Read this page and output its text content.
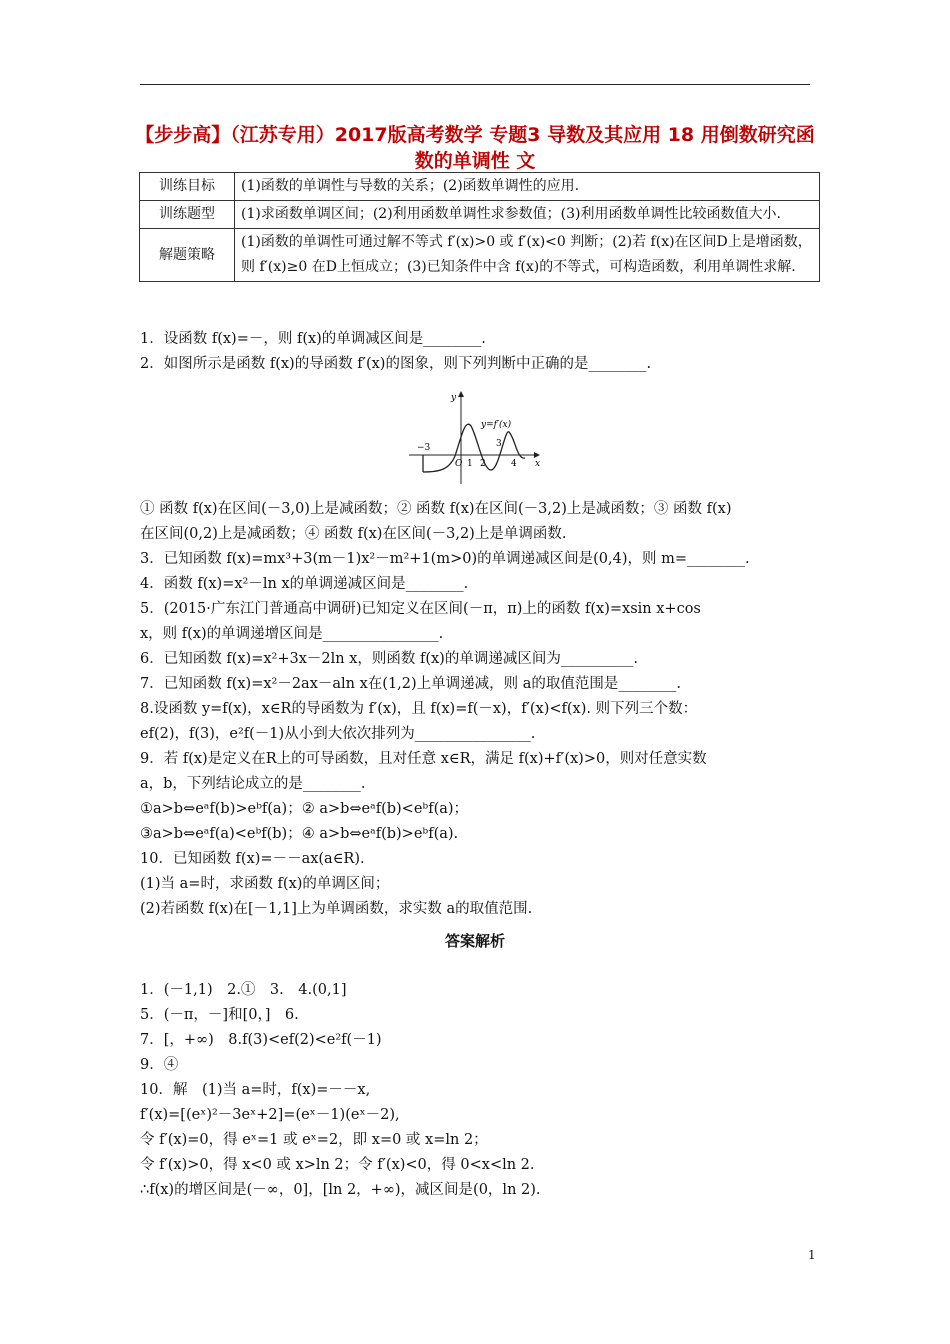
【步步高】（江苏专用）2017版高考数学 专题3 导数及其应用 18 用倒数研究函数的单调性 文
训练目标	(1)函数的单调性与导数的关系；(2)函数单调性的应用.
训练题型	(1)求函数单调区间；(2)利用函数单调性求参数值；(3)利用函数单调性比较函数值大小.
解题策略	(1)函数的单调性可通过解不等式 f′(x)>0 或 f′(x)<0 判断；(2)若 f(x)在区间D上是增函数，则 f′(x)≥0 在D上恒成立；(3)已知条件中含 f(x)的不等式，可构造函数，利用单调性求解.
1．设函数 f(x)=－，则 f(x)的单调减区间是________.
2．如图所示是函数 f(x)的导函数 f′(x)的图象，则下列判断中正确的是________.
y
x
y=f′(x)
−3
O 1 2
3
4
① 函数 f(x)在区间(－3,0)上是减函数；② 函数 f(x)在区间(－3,2)上是减函数；③ 函数 f(x)
在区间(0,2)上是减函数；④ 函数 f(x)在区间(－3,2)上是单调函数.
3．已知函数 f(x)=mx³+3(m－1)x²－m²+1(m>0)的单调递减区间是(0,4)，则 m=________.
4．函数 f(x)=x²－ln x的单调递减区间是________.
5．(2015·广东江门普通高中调研)已知定义在区间(－π，π)上的函数 f(x)=xsin x+cos
x，则 f(x)的单调递增区间是________________.
6．已知函数 f(x)=x²+3x－2ln x，则函数 f(x)的单调递减区间为__________.
7．已知函数 f(x)=x²－2ax－aln x在(1,2)上单调递减，则 a的取值范围是________.
8.设函数 y=f(x)，x∈R的导函数为 f′(x)，且 f(x)=f(－x)，f′(x)<f(x). 则下列三个数：
ef(2)，f(3)，e²f(－1)从小到大依次排列为________________.
9．若 f(x)是定义在R上的可导函数，且对任意 x∈R，满足 f(x)+f′(x)>0，则对任意实数
a，b，下列结论成立的是________.
①a>b⇔eᵃf(b)>eᵇf(a)；② a>b⇔eᵃf(b)<eᵇf(a)；
③a>b⇔eᵃf(a)<eᵇf(b)；④ a>b⇔eᵃf(b)>eᵇf(a).
10．已知函数 f(x)=－－ax(a∈R).
(1)当 a=时，求函数 f(x)的单调区间；
(2)若函数 f(x)在[－1,1]上为单调函数，求实数 a的取值范围.
答案解析
1．(－1,1)　2.①　3.　4.(0,1]
5．(－π，－]和[0，]　6.
7．[，+∞)　8.f(3)<ef(2)<e²f(－1)
9．④
10．解　(1)当 a=时，f(x)=－－x,
f′(x)=[(eˣ)²－3eˣ+2]=(eˣ－1)(eˣ－2),
令 f′(x)=0，得 eˣ=1 或 eˣ=2，即 x=0 或 x=ln 2；
令 f′(x)>0，得 x<0 或 x>ln 2；令 f′(x)<0，得 0<x<ln 2.
∴f(x)的增区间是(－∞，0]，[ln 2，+∞)，减区间是(0，ln 2).
1
